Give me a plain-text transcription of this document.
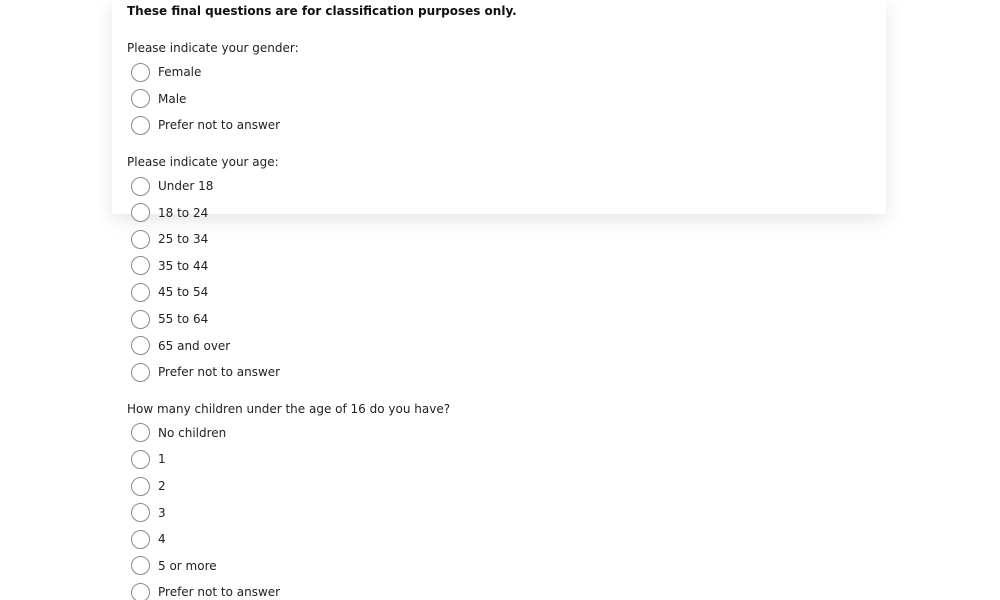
These final questions are for classification purposes only.

Please indicate your gender:

Female
Male
Prefer not to answer

Please indicate your age:

Under 18
18 to 24
25 to 34
35 to 44
45 to 54
55 to 64
65 and over
Prefer not to answer

How many children under the age of 16 do you have?

No children
1
2
3
4
5 or more
Prefer not to answer
